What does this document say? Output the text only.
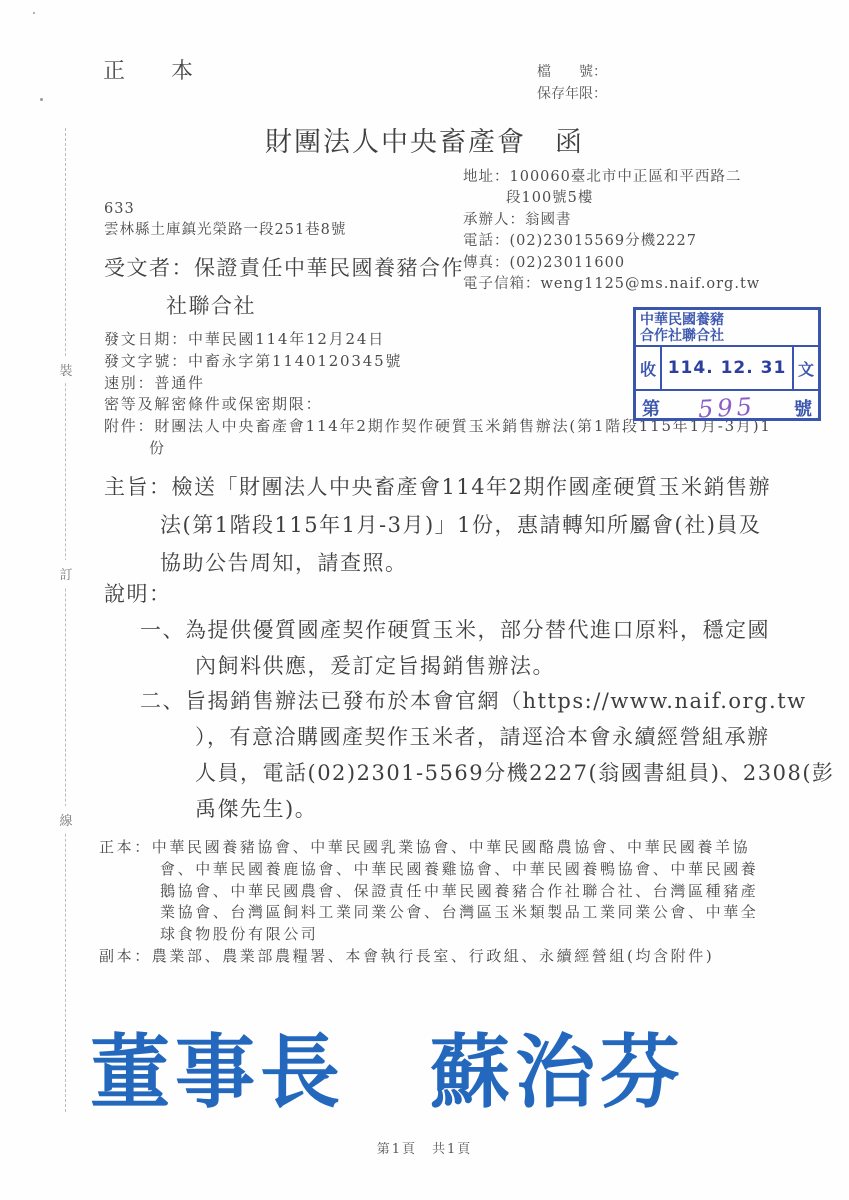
裝
訂
線
正　本	檔　　號：
保存年限：
財團法人中央畜產會　函
地址：100060臺北市中正區和平西路二
段100號5樓
承辦人：翁國書
電話：(02)23015569分機2227
傳真：(02)23011600
電子信箱：weng1125@ms.naif.org.tw
633
雲林縣土庫鎮光榮路一段251巷8號
受文者：保證責任中華民國養豬合作
社聯合社
發文日期：中華民國114年12月24日
發文字號：中畜永字第1140120345號
速別：普通件
密等及解密條件或保密期限：
附件：財團法人中央畜產會114年2期作契作硬質玉米銷售辦法(第1階段115年1月-3月)1
份
中華民國養豬
合作社聯合社
收 114. 12. 31 文
第 595 號
主旨：檢送「財團法人中央畜產會114年2期作國產硬質玉米銷售辦
法(第1階段115年1月-3月)」1份，惠請轉知所屬會(社)員及
協助公告周知，請查照。
說明：
一、為提供優質國產契作硬質玉米，部分替代進口原料，穩定國
內飼料供應，爰訂定旨揭銷售辦法。
二、旨揭銷售辦法已發布於本會官網（https://www.naif.org.tw
），有意洽購國產契作玉米者，請逕洽本會永續經營組承辦
人員，電話(02)2301-5569分機2227(翁國書組員)、2308(彭
禹傑先生)。
正本：中華民國養豬協會、中華民國乳業協會、中華民國酪農協會、中華民國養羊協
會、中華民國養鹿協會、中華民國養雞協會、中華民國養鴨協會、中華民國養
鵝協會、中華民國農會、保證責任中華民國養豬合作社聯合社、台灣區種豬產
業協會、台灣區飼料工業同業公會、台灣區玉米類製品工業同業公會、中華全
球食物股份有限公司
副本：農業部、農業部農糧署、本會執行長室、行政組、永續經營組(均含附件)
董事長　蘇治芬
第1頁　共1頁
